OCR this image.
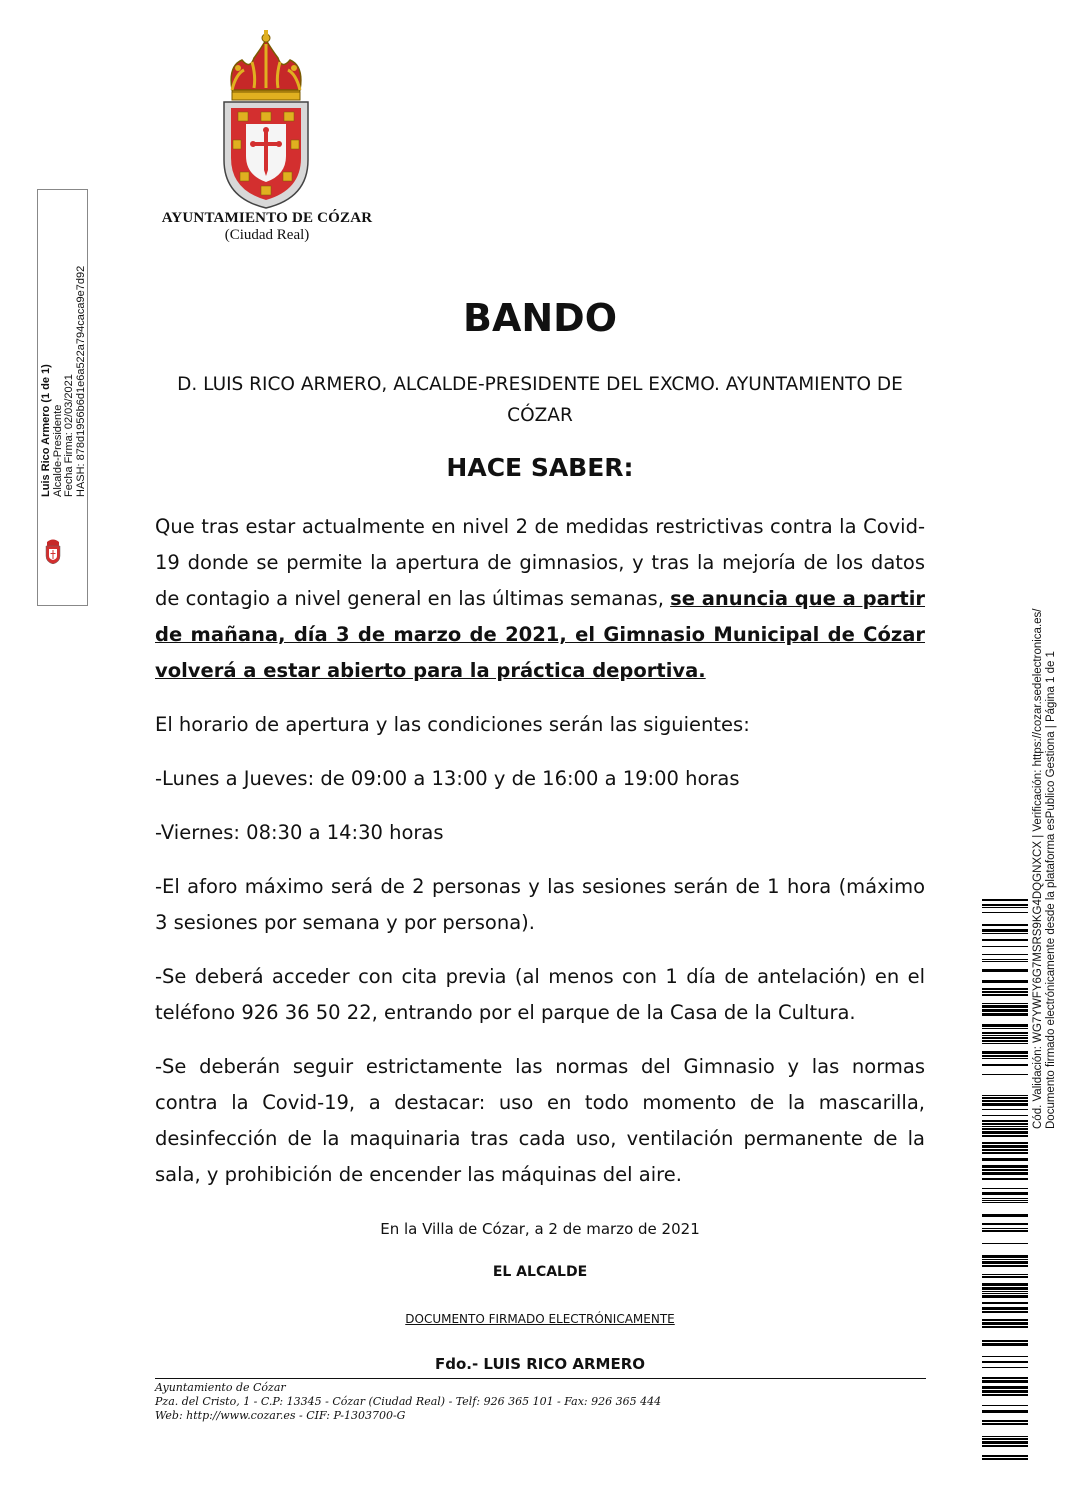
AYUNTAMIENTO DE CÓZAR
(Ciudad Real)
Luis Rico Armero (1 de 1) Alcalde-Presidente Fecha Firma: 02/03/2021 HASH: 878d1956b6d1e6a522a794caca9e7d92	BANDO
D. LUIS RICO ARMERO, ALCALDE-PRESIDENTE DEL EXCMO. AYUNTAMIENTO DE CÓZAR
HACE SABER:

Que tras estar actualmente en nivel 2 de medidas restrictivas contra la Covid-19 donde se permite la apertura de gimnasios, y tras la mejoría de los datos de contagio a nivel general en las últimas semanas, se anuncia que a partir de mañana, día 3 de marzo de 2021, el Gimnasio Municipal de Cózar volverá a estar abierto para la práctica deportiva.

El horario de apertura y las condiciones serán las siguientes:

-Lunes a Jueves: de 09:00 a 13:00 y de 16:00 a 19:00 horas

-Viernes: 08:30 a 14:30 horas

-El aforo máximo será de 2 personas y las sesiones serán de 1 hora (máximo 3 sesiones por semana y por persona).

-Se deberá acceder con cita previa (al menos con 1 día de antelación) en el teléfono 926 36 50 22, entrando por el parque de la Casa de la Cultura.

-Se deberán seguir estrictamente las normas del Gimnasio y las normas contra la Covid-19, a destacar: uso en todo momento de la mascarilla, desinfección de la maquinaria tras cada uso, ventilación permanente de la sala, y prohibición de encender las máquinas del aire.

En la Villa de Cózar, a 2 de marzo de 2021
EL ALCALDE
DOCUMENTO FIRMADO ELECTRÓNICAMENTE
Fdo.- LUIS RICO ARMERO
Ayuntamiento de Cózar
Pza. del Cristo, 1 - C.P: 13345 - Cózar (Ciudad Real) - Telf: 926 365 101 - Fax: 926 365 444
Web: http://www.cozar.es - CIF: P-1303700-G
Cód. Validación: WG7YWFY6G7MSRS9KG4DQGNXCX | Verificación: https://cozar.sedelectronica.es/ Documento firmado electrónicamente desde la plataforma esPublico Gestiona | Página 1 de 1
